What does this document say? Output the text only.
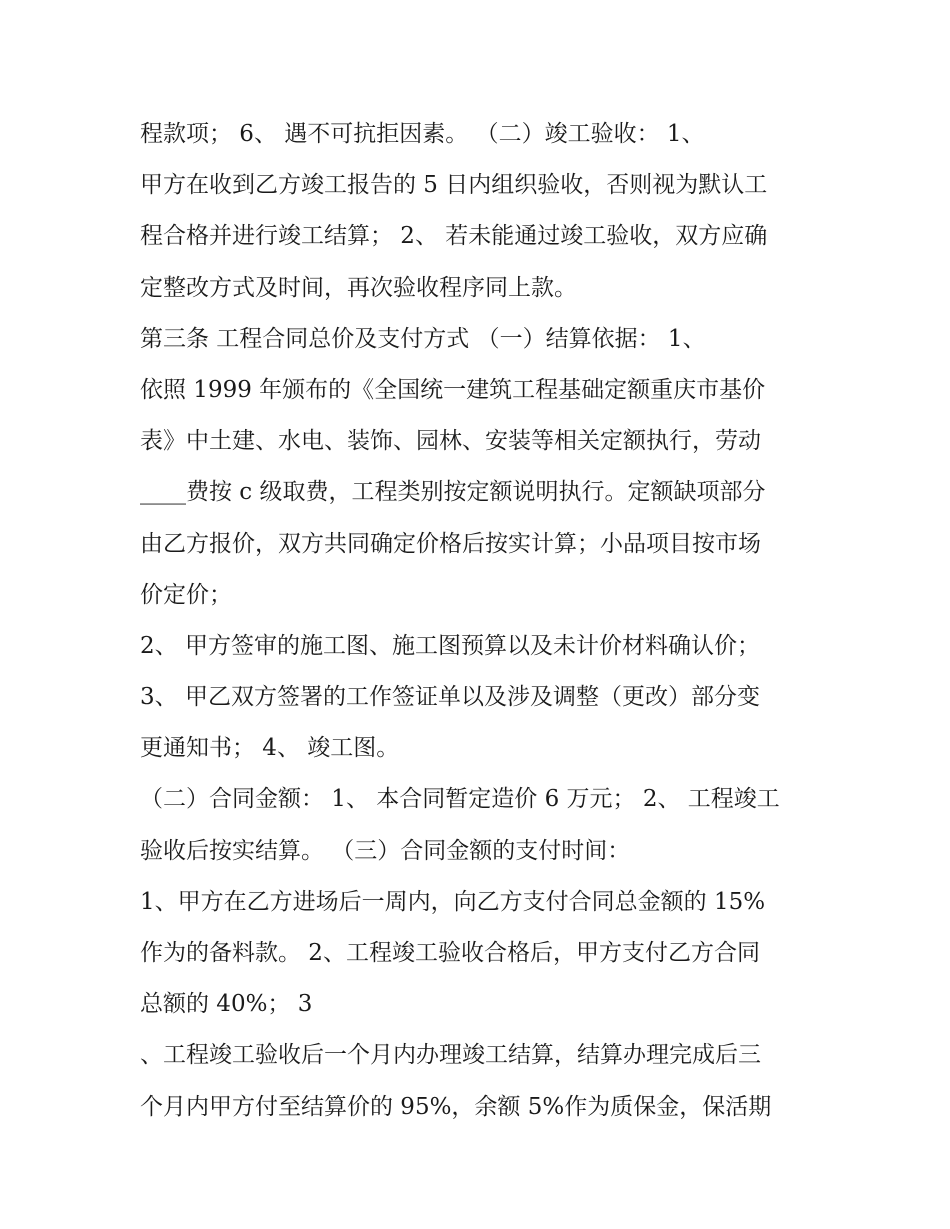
程款项； 6、 遇不可抗拒因素。 （二）竣工验收： 1、
甲方在收到乙方竣工报告的 5 日内组织验收，否则视为默认工
程合格并进行竣工结算； 2、 若未能通过竣工验收，双方应确
定整改方式及时间，再次验收程序同上款。
第三条 工程合同总价及支付方式 （一）结算依据： 1、
依照 1999 年颁布的《全国统一建筑工程基础定额重庆市基价
表》中土建、水电、装饰、园林、安装等相关定额执行，劳动
____费按 c 级取费，工程类别按定额说明执行。定额缺项部分
由乙方报价，双方共同确定价格后按实计算；小品项目按市场
价定价；
2、 甲方签审的施工图、施工图预算以及未计价材料确认价；
3、 甲乙双方签署的工作签证单以及涉及调整（更改）部分变
更通知书； 4、 竣工图。
（二）合同金额： 1、 本合同暂定造价 6 万元； 2、 工程竣工
验收后按实结算。 （三）合同金额的支付时间：
1、甲方在乙方进场后一周内，向乙方支付合同总金额的 15%
作为的备料款。 2、工程竣工验收合格后，甲方支付乙方合同
总额的 40%； 3
、工程竣工验收后一个月内办理竣工结算，结算办理完成后三
个月内甲方付至结算价的 95%，余额 5%作为质保金，保活期
